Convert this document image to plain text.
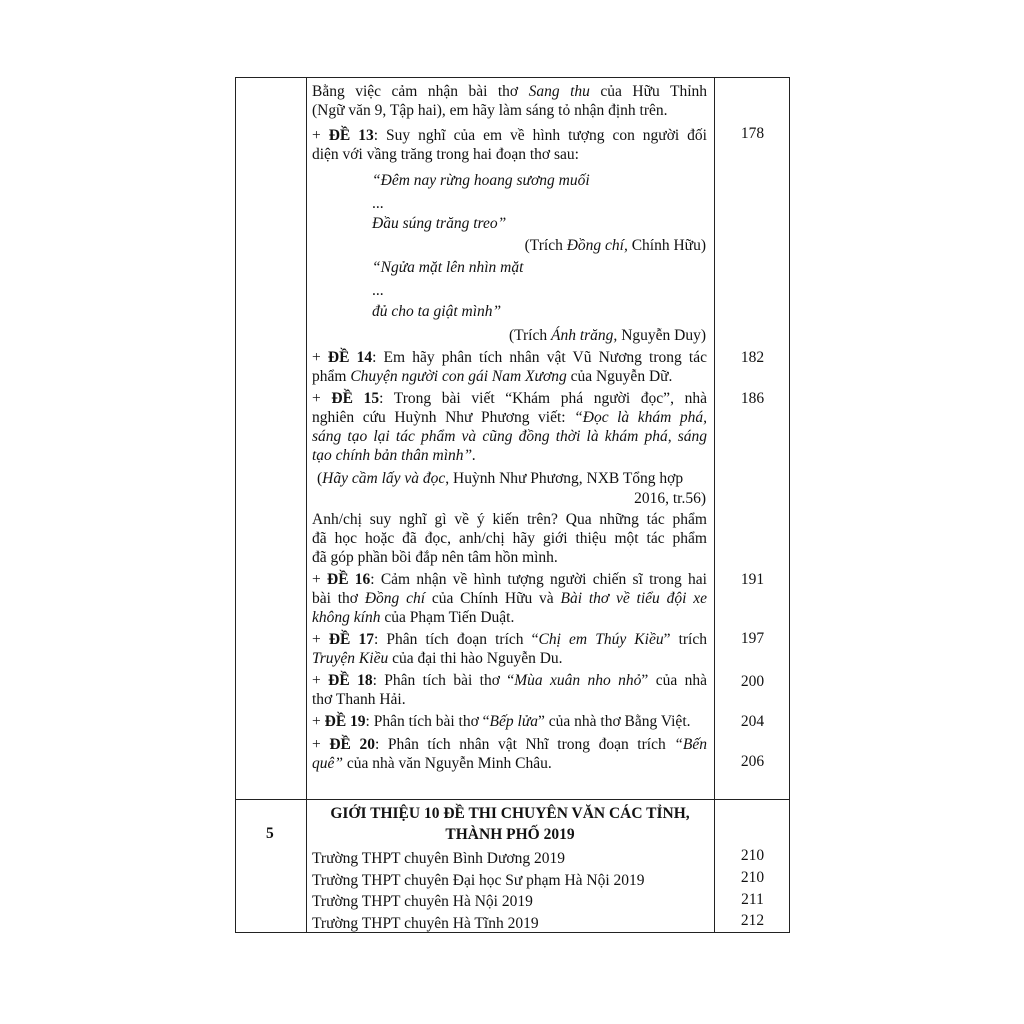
Bằng việc cảm nhận bài thơ Sang thu của Hữu Thỉnh
(Ngữ văn 9, Tập hai), em hãy làm sáng tỏ nhận định trên.
+ ĐỀ 13: Suy nghĩ của em về hình tượng con người đối
diện với vầng trăng trong hai đoạn thơ sau:
“Đêm nay rừng hoang sương muối
...
Đầu súng trăng treo”
(Trích Đồng chí, Chính Hữu)
“Ngửa mặt lên nhìn mặt
...
đủ cho ta giật mình”
(Trích Ánh trăng, Nguyễn Duy)
+ ĐỀ 14: Em hãy phân tích nhân vật Vũ Nương trong tác
phẩm Chuyện người con gái Nam Xương của Nguyễn Dữ.
+ ĐỀ 15: Trong bài viết “Khám phá người đọc”, nhà
nghiên cứu Huỳnh Như Phương viết: “Đọc là khám phá,
sáng tạo lại tác phẩm và cũng đồng thời là khám phá, sáng
tạo chính bản thân mình”.
(Hãy cầm lấy và đọc, Huỳnh Như Phương, NXB Tổng hợp
2016, tr.56)
Anh/chị suy nghĩ gì về ý kiến trên? Qua những tác phẩm
đã học hoặc đã đọc, anh/chị hãy giới thiệu một tác phẩm
đã góp phần bồi đắp nên tâm hồn mình.
+ ĐỀ 16: Cảm nhận về hình tượng người chiến sĩ trong hai
bài thơ Đồng chí của Chính Hữu và Bài thơ về tiểu đội xe
không kính của Phạm Tiến Duật.
+ ĐỀ 17: Phân tích đoạn trích “Chị em Thúy Kiều” trích
Truyện Kiều của đại thi hào Nguyễn Du.
+ ĐỀ 18: Phân tích bài thơ “Mùa xuân nho nhỏ” của nhà
thơ Thanh Hải.
+ ĐỀ 19: Phân tích bài thơ “Bếp lửa” của nhà thơ Bằng Việt.
+ ĐỀ 20: Phân tích nhân vật Nhĩ trong đoạn trích “Bến
quê” của nhà văn Nguyễn Minh Châu.
178
182
186
191
197
200
204
206
5
GIỚI THIỆU 10 ĐỀ THI CHUYÊN VĂN CÁC TỈNH,
THÀNH PHỐ 2019
Trường THPT chuyên Bình Dương 2019
Trường THPT chuyên Đại học Sư phạm Hà Nội 2019
Trường THPT chuyên Hà Nội 2019
Trường THPT chuyên Hà Tĩnh 2019
210
210
211
212
